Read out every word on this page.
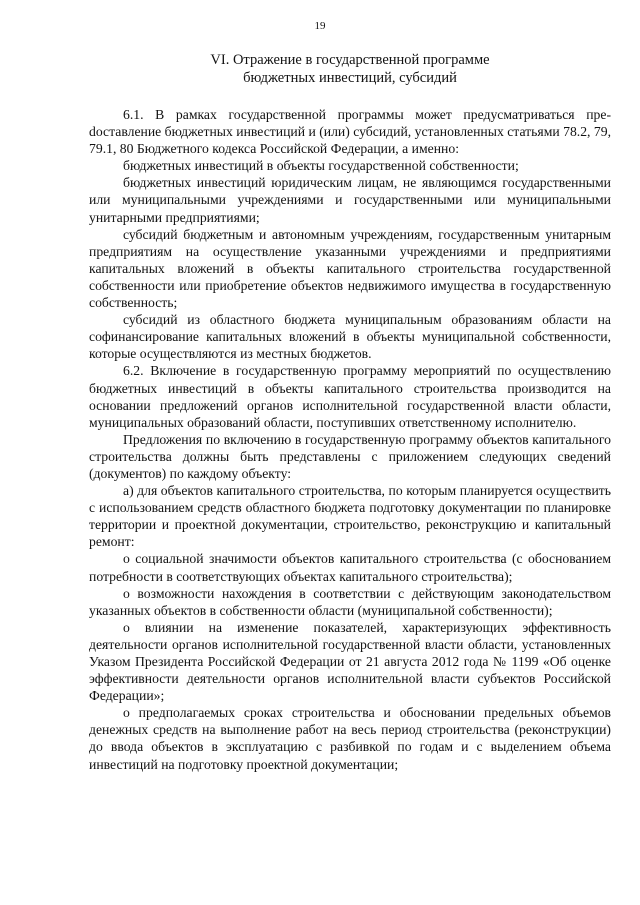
19
VI. Отражение в государственной программе
бюджетных инвестиций, субсидий

6.1. В рамках государственной программы может предусматриваться преdоставление бюджетных инвестиций и (или) субсидий, установленных статьями 78.2, 79, 79.1, 80 Бюджетного кодекса Российской Федерации, а именно:

бюджетных инвестиций в объекты государственной собственности;

бюджетных инвестиций юридическим лицам, не являющимся государственными или муниципальными учреждениями и государственными или муниципальными унитарными предприятиями;

субсидий бюджетным и автономным учреждениям, государственным унитарным предприятиям на осуществление указанными учреждениями и предприятиями капитальных вложений в объекты капитального строительства государственной собственности или приобретение объектов недвижимого имущества в государственную собственность;

субсидий из областного бюджета муниципальным образованиям области на софинансирование капитальных вложений в объекты муниципальной собственности, которые осуществляются из местных бюджетов.

6.2. Включение в государственную программу мероприятий по осуществлению бюджетных инвестиций в объекты капитального строительства производится на основании предложений органов исполнительной государственной власти области, муниципальных образований области, поступивших ответственному исполнителю.

Предложения по включению в государственную программу объектов капитального строительства должны быть представлены с приложением следующих сведений (документов) по каждому объекту:

а) для объектов капитального строительства, по которым планируется осуществить с использованием средств областного бюджета подготовку документации по планировке территории и проектной документации, строительство, реконструкцию и капитальный ремонт:

о социальной значимости объектов капитального строительства (с обоснованием потребности в соответствующих объектах капитального строительства);

о возможности нахождения в соответствии с действующим законодательством указанных объектов в собственности области (муниципальной собственности);

о влиянии на изменение показателей, характеризующих эффективность деятельности органов исполнительной государственной власти области, установленных Указом Президента Российской Федерации от 21 августа 2012 года № 1199 «Об оценке эффективности деятельности органов исполнительной власти субъектов Российской Федерации»;

о предполагаемых сроках строительства и обосновании предельных объемов денежных средств на выполнение работ на весь период строительства (реконструкции) до ввода объектов в эксплуатацию с разбивкой по годам и с выделением объема инвестиций на подготовку проектной документации;
